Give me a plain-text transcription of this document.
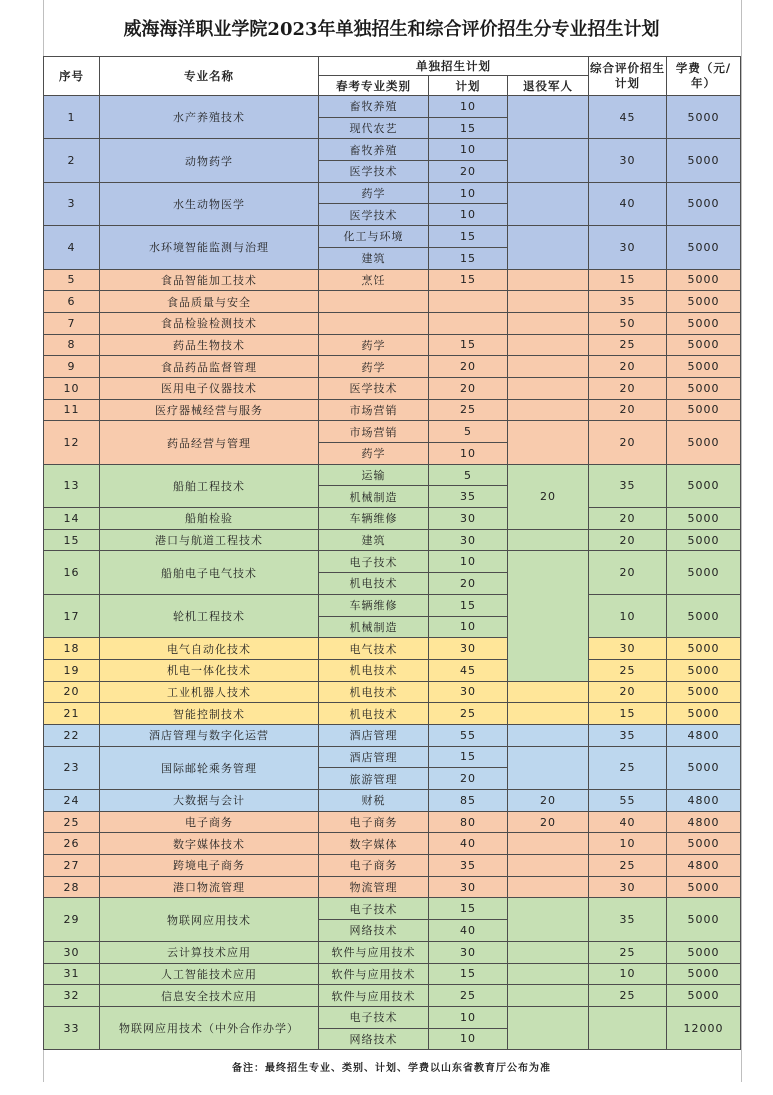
威海海洋职业学院2023年单独招生和综合评价招生分专业招生计划
序号	专业名称	单独招生计划			综合评价招生计划	学费（元/年）

		春考专业类别	计划	退役军人		
1	水产养殖技术	畜牧养殖	10		45	5000
		现代农艺	15			
2	动物药学	畜牧养殖	10		30	5000
		医学技术	20			
3	水生动物医学	药学	10		40	5000
		医学技术	10			
4	水环境智能监测与治理	化工与环境	15		30	5000
		建筑	15			
5	食品智能加工技术	烹饪	15		15	5000
6	食品质量与安全				35	5000
7	食品检验检测技术				50	5000
8	药品生物技术	药学	15		25	5000
9	食品药品监督管理	药学	20		20	5000
10	医用电子仪器技术	医学技术	20		20	5000
11	医疗器械经营与服务	市场营销	25		20	5000
12	药品经营与管理	市场营销	5		20	5000
		药学	10			
13	船舶工程技术	运输	5	20	35	5000
		机械制造	35			
14	船舶检验	车辆维修	30		20	5000
15	港口与航道工程技术	建筑	30		20	5000
16	船舶电子电气技术	电子技术	10		20	5000
		机电技术	20			
17	轮机工程技术	车辆维修	15		10	5000
		机械制造	10			
18	电气自动化技术	电气技术	30		30	5000
19	机电一体化技术	机电技术	45		25	5000
20	工业机器人技术	机电技术	30		20	5000
21	智能控制技术	机电技术	25		15	5000
22	酒店管理与数字化运营	酒店管理	55		35	4800
23	国际邮轮乘务管理	酒店管理	15		25	5000
		旅游管理	20			
24	大数据与会计	财税	85	20	55	4800
25	电子商务	电子商务	80	20	40	4800
26	数字媒体技术	数字媒体	40		10	5000
27	跨境电子商务	电子商务	35		25	4800
28	港口物流管理	物流管理	30		30	5000
29	物联网应用技术	电子技术	15		35	5000
		网络技术	40			
30	云计算技术应用	软件与应用技术	30		25	5000
31	人工智能技术应用	软件与应用技术	15		10	5000
32	信息安全技术应用	软件与应用技术	25		25	5000
33	物联网应用技术（中外合作办学）	电子技术	10			12000
		网络技术	10			
备注：最终招生专业、类别、计划、学费以山东省教育厅公布为准
